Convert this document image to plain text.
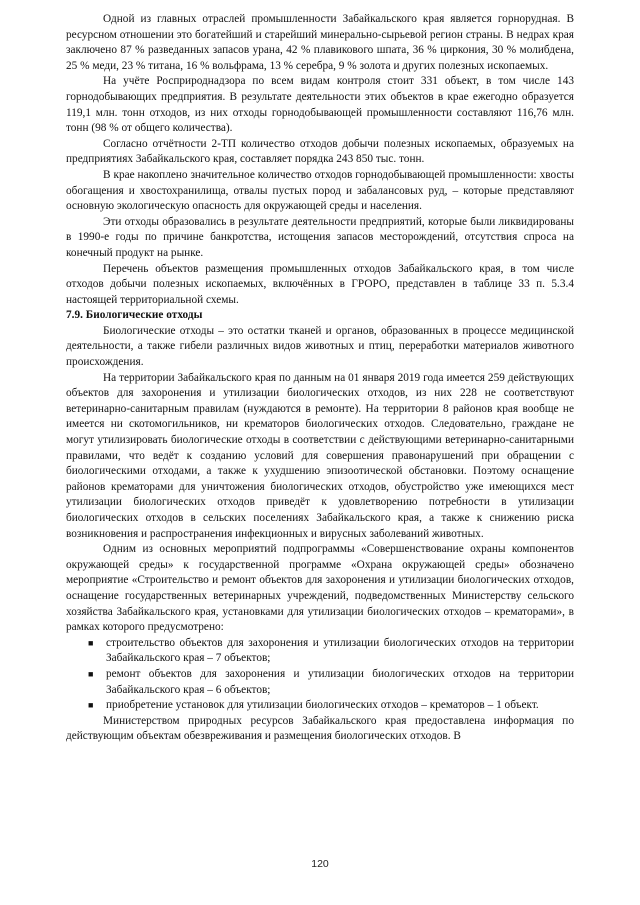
Одной из главных отраслей промышленности Забайкальского края является горнорудная. В ресурсном отношении это богатейший и старейший минерально-сырьевой регион страны. В недрах края заключено 87 % разведанных запасов урана, 42 % плавикового шпата, 36 % циркония, 30 % молибдена, 25 % меди, 23 % титана, 16 % вольфрама, 13 % серебра, 9 % золота и других полезных ископаемых.

На учёте Росприроднадзора по всем видам контроля стоит 331 объект, в том числе 143 горнодобывающих предприятия. В результате деятельности этих объектов в крае ежегодно образуется 119,1 млн. тонн отходов, из них отходы горнодобывающей промышленности составляют 116,76 млн. тонн (98 % от общего количества).

Согласно отчётности 2-ТП количество отходов добычи полезных ископаемых, образуемых на предприятиях Забайкальского края, составляет порядка 243 850 тыс. тонн.

В крае накоплено значительное количество отходов горнодобывающей промышленности: хвосты обогащения и хвостохранилища, отвалы пустых пород и забалансовых руд, – которые представляют основную экологическую опасность для окружающей среды и населения.

Эти отходы образовались в результате деятельности предприятий, которые были ликвидированы в 1990-е годы по причине банкротства, истощения запасов месторождений, отсутствия спроса на конечный продукт на рынке.

Перечень объектов размещения промышленных отходов Забайкальского края, в том числе отходов добычи полезных ископаемых, включённых в ГРОРО, представлен в таблице 33 п. 5.3.4 настоящей территориальной схемы.

7.9. Биологические отходы

Биологические отходы – это остатки тканей и органов, образованных в процессе медицинской деятельности, а также гибели различных видов животных и птиц, переработки материалов животного происхождения.

На территории Забайкальского края по данным на 01 января 2019 года имеется 259 действующих объектов для захоронения и утилизации биологических отходов, из них 228 не соответствуют ветеринарно-санитарным правилам (нуждаются в ремонте). На территории 8 районов края вообще не имеется ни скотомогильников, ни крематоров биологических отходов. Следовательно, граждане не могут утилизировать биологические отходы в соответствии с действующими ветеринарно-санитарными правилами, что ведёт к созданию условий для совершения правонарушений при обращении с биологическими отходами, а также к ухудшению эпизоотической обстановки. Поэтому оснащение районов крематорами для уничтожения биологических отходов, обустройство уже имеющихся мест утилизации биологических отходов приведёт к удовлетворению потребности в утилизации биологических отходов в сельских поселениях Забайкальского края, а также к снижению риска возникновения и распространения инфекционных и вирусных заболеваний животных.

Одним из основных мероприятий подпрограммы «Совершенствование охраны компонентов окружающей среды» к государственной программе «Охрана окружающей среды» обозначено мероприятие «Строительство и ремонт объектов для захоронения и утилизации биологических отходов, оснащение государственных ветеринарных учреждений, подведомственных Министерству сельского хозяйства Забайкальского края, установками для утилизации биологических отходов – крематорами», в рамках которого предусмотрено:

■ строительство объектов для захоронения и утилизации биологических отходов на территории Забайкальского края – 7 объектов;
■ ремонт объектов для захоронения и утилизации биологических отходов на территории Забайкальского края – 6 объектов;
■ приобретение установок для утилизации биологических отходов – крематоров – 1 объект.

Министерством природных ресурсов Забайкальского края предоставлена информация по действующим объектам обезвреживания и размещения биологических отходов. В

120
